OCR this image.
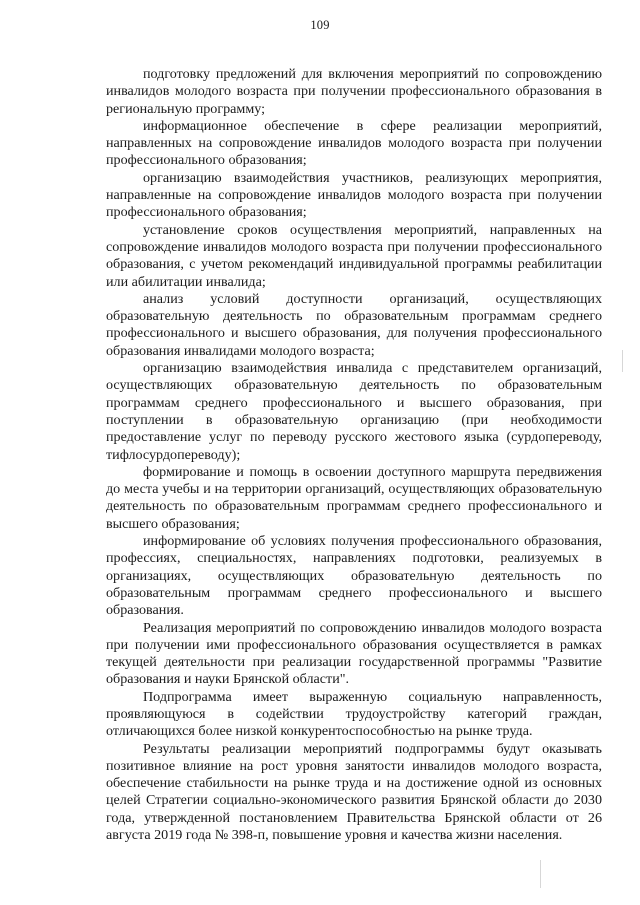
109

подготовку предложений для включения мероприятий по сопровождению инвалидов молодого возраста при получении профессионального образования в региональную программу;

информационное обеспечение в сфере реализации мероприятий, направленных на сопровождение инвалидов молодого возраста при получении профессионального образования;

организацию взаимодействия участников, реализующих мероприятия, направленные на сопровождение инвалидов молодого возраста при получении профессионального образования;

установление сроков осуществления мероприятий, направленных на сопровождение инвалидов молодого возраста при получении профессионального образования, с учетом рекомендаций индивидуальной программы реабилитации или абилитации инвалида;

анализ условий доступности организаций, осуществляющих образовательную деятельность по образовательным программам среднего профессионального и высшего образования, для получения профессионального образования инвалидами молодого возраста;

организацию взаимодействия инвалида с представителем организаций, осуществляющих образовательную деятельность по образовательным программам среднего профессионального и высшего образования, при поступлении в образовательную организацию (при необходимости предоставление услуг по переводу русского жестового языка (сурдопереводу, тифлосурдопереводу);

формирование и помощь в освоении доступного маршрута передвижения до места учебы и на территории организаций, осуществляющих образовательную деятельность по образовательным программам среднего профессионального и высшего образования;

информирование об условиях получения профессионального образования, профессиях, специальностях, направлениях подготовки, реализуемых в организациях, осуществляющих образовательную деятельность по образовательным программам среднего профессионального и высшего образования.

Реализация мероприятий по сопровождению инвалидов молодого возраста при получении ими профессионального образования осуществляется в рамках текущей деятельности при реализации государственной программы "Развитие образования и науки Брянской области".

Подпрограмма имеет выраженную социальную направленность, проявляющуюся в содействии трудоустройству категорий граждан, отличающихся более низкой конкурентоспособностью на рынке труда.

Результаты реализации мероприятий подпрограммы будут оказывать позитивное влияние на рост уровня занятости инвалидов молодого возраста, обеспечение стабильности на рынке труда и на достижение одной из основных целей Стратегии социально-экономического развития Брянской области до 2030 года, утвержденной постановлением Правительства Брянской области от 26 августа 2019 года № 398-п, повышение уровня и качества жизни населения.
